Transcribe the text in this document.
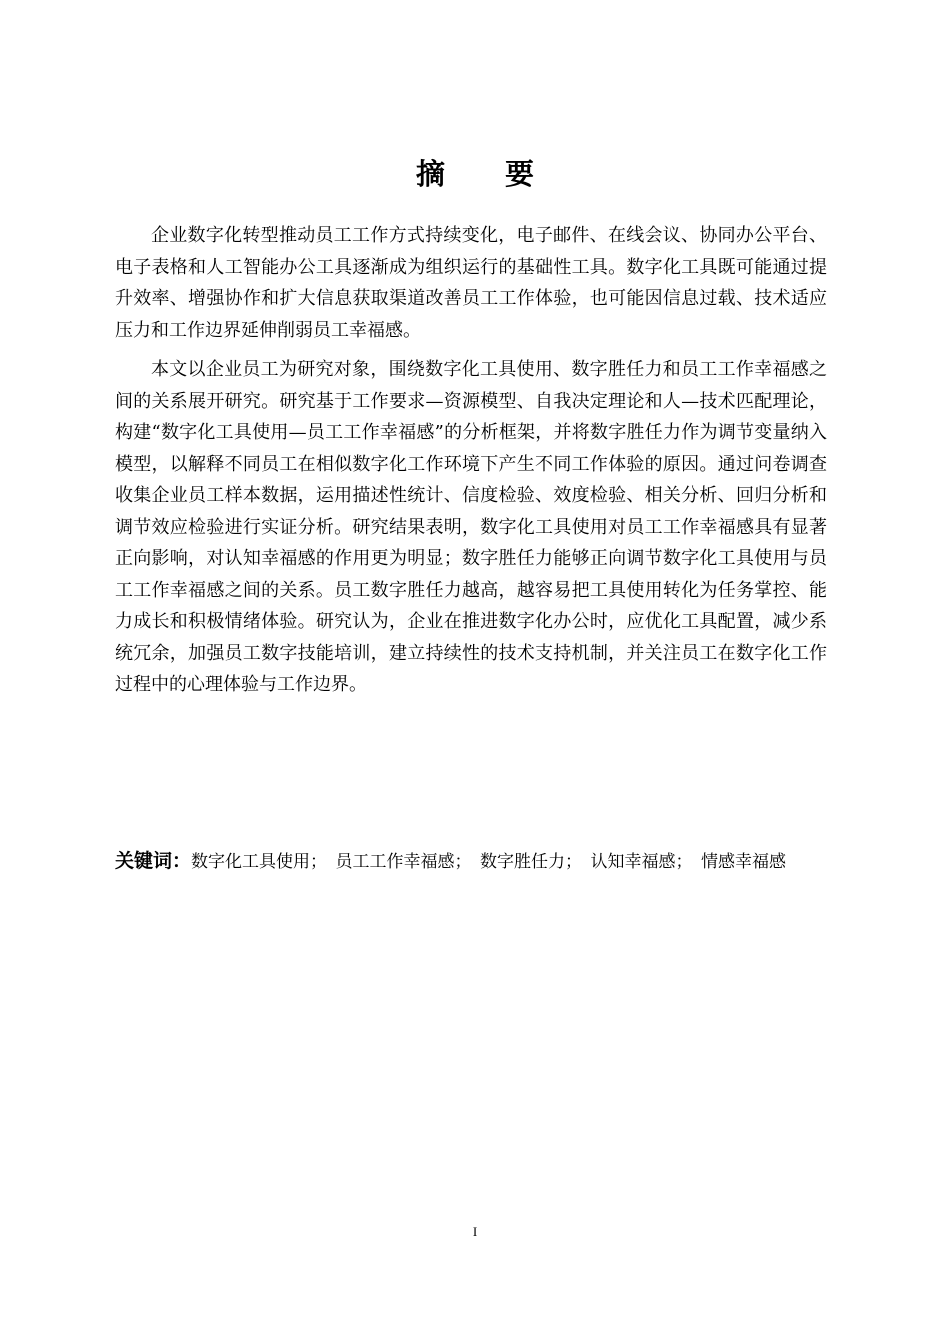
摘要

企业数字化转型推动员工工作方式持续变化，电子邮件、在线会议、协同办公平台、电子表格和人工智能办公工具逐渐成为组织运行的基础性工具。数字化工具既可能通过提升效率、增强协作和扩大信息获取渠道改善员工工作体验，也可能因信息过载、技术适应压力和工作边界延伸削弱员工幸福感。

本文以企业员工为研究对象，围绕数字化工具使用、数字胜任力和员工工作幸福感之间的关系展开研究。研究基于工作要求—资源模型、自我决定理论和人—技术匹配理论，构建“数字化工具使用—员工工作幸福感”的分析框架，并将数字胜任力作为调节变量纳入模型，以解释不同员工在相似数字化工作环境下产生不同工作体验的原因。通过问卷调查收集企业员工样本数据，运用描述性统计、信度检验、效度检验、相关分析、回归分析和调节效应检验进行实证分析。研究结果表明，数字化工具使用对员工工作幸福感具有显著正向影响，对认知幸福感的作用更为明显；数字胜任力能够正向调节数字化工具使用与员工工作幸福感之间的关系。员工数字胜任力越高，越容易把工具使用转化为任务掌控、能力成长和积极情绪体验。研究认为，企业在推进数字化办公时，应优化工具配置，减少系统冗余，加强员工数字技能培训，建立持续性的技术支持机制，并关注员工在数字化工作过程中的心理体验与工作边界。

关键词：数字化工具使用；　员工工作幸福感；　数字胜任力；　认知幸福感；　情感幸福感
I
